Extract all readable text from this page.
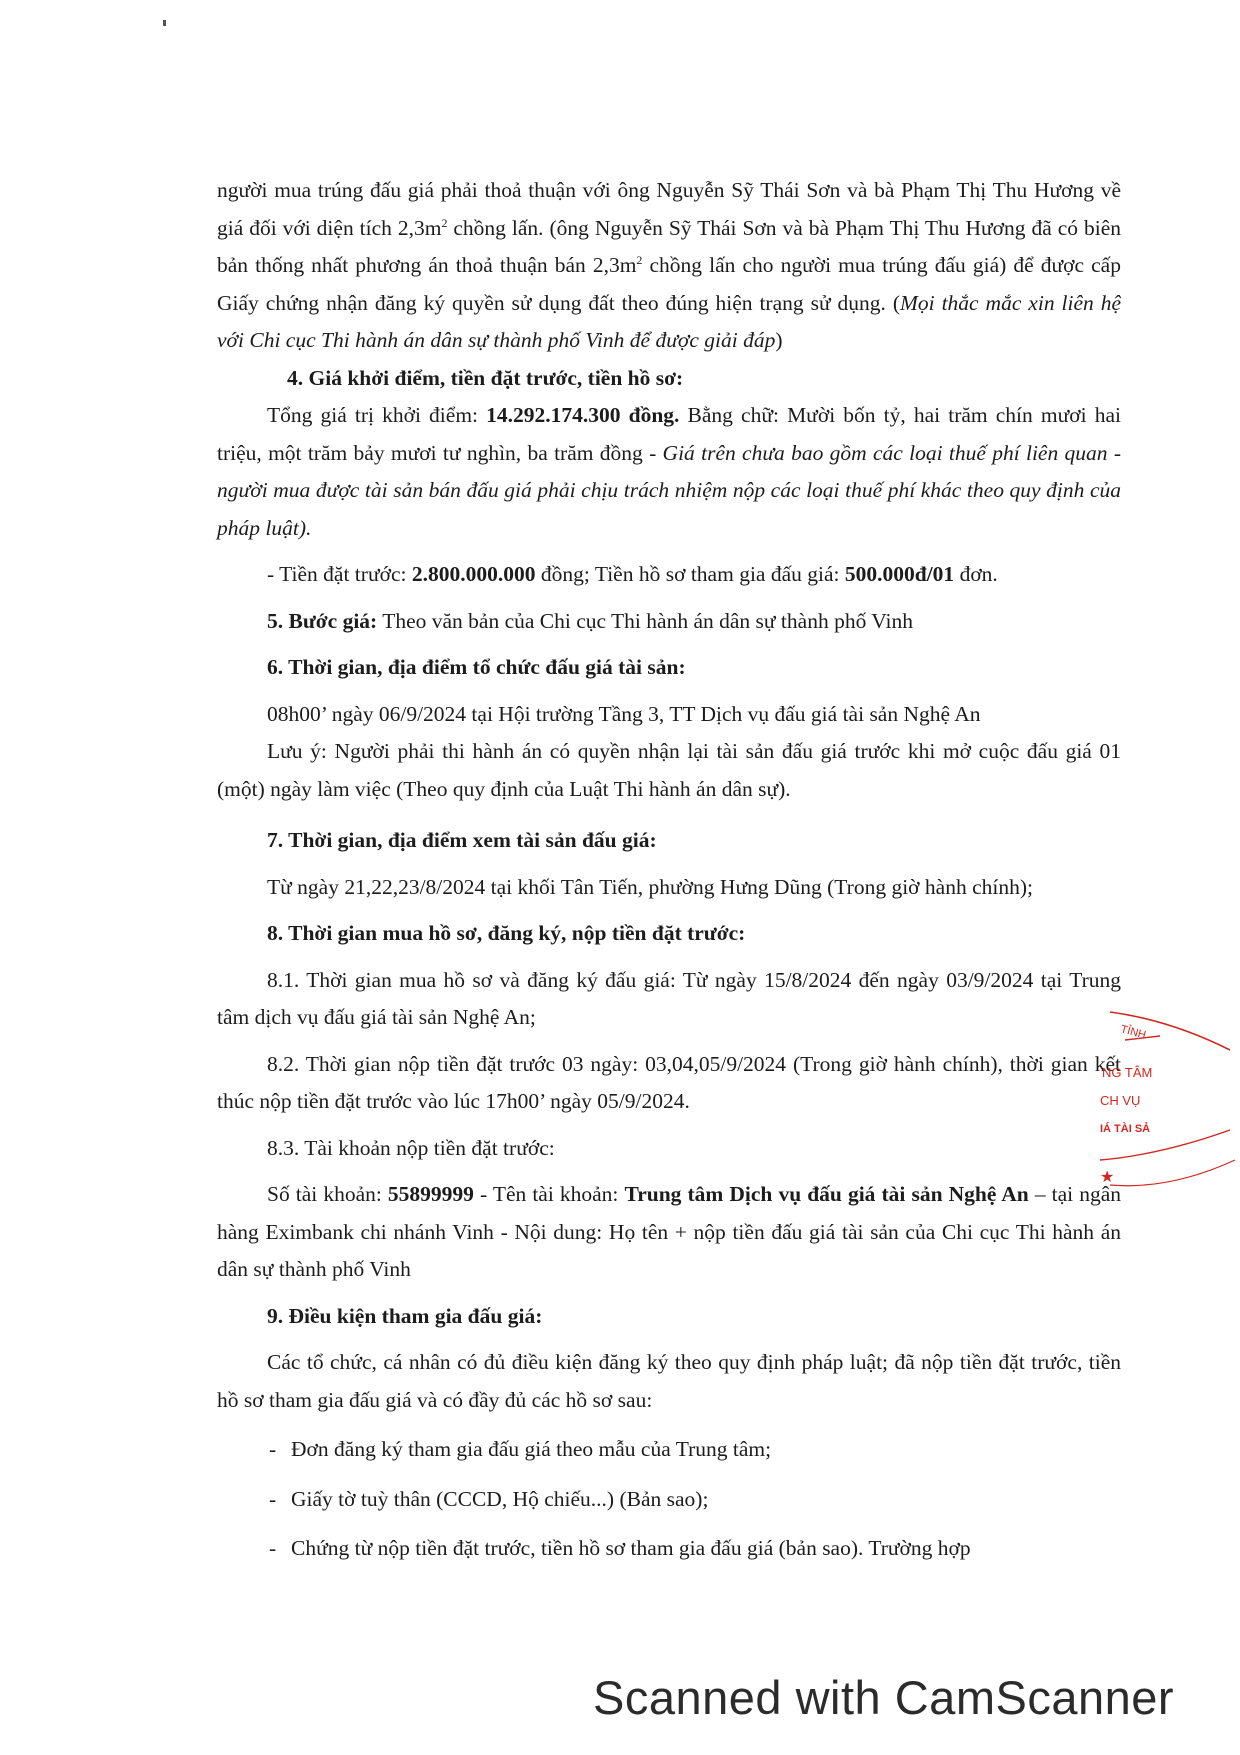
người mua trúng đấu giá phải thoả thuận với ông Nguyễn Sỹ Thái Sơn và bà Phạm Thị Thu Hương về giá đối với diện tích $2,3m^2$ chồng lấn. (ông Nguyễn Sỹ Thái Sơn và bà Phạm Thị Thu Hương đã có biên bản thống nhất phương án thoả thuận bán $2,3m^2$ chồng lấn cho người mua trúng đấu giá) để được cấp Giấy chứng nhận đăng ký quyền sử dụng đất theo đúng hiện trạng sử dụng. (Mọi thắc mắc xin liên hệ với Chi cục Thi hành án dân sự thành phố Vinh để được giải đáp)

4. Giá khởi điểm, tiền đặt trước, tiền hồ sơ:

Tổng giá trị khởi điểm: 14.292.174.300 đồng. Bằng chữ: Mười bốn tỷ, hai trăm chín mươi hai triệu, một trăm bảy mươi tư nghìn, ba trăm đồng - Giá trên chưa bao gồm các loại thuế phí liên quan - người mua được tài sản bán đấu giá phải chịu trách nhiệm nộp các loại thuế phí khác theo quy định của pháp luật).

- Tiền đặt trước: 2.800.000.000 đồng; Tiền hồ sơ tham gia đấu giá: 500.000đ/01 đơn.

5. Bước giá: Theo văn bản của Chi cục Thi hành án dân sự thành phố Vinh

6. Thời gian, địa điểm tổ chức đấu giá tài sản:

08h00’ ngày 06/9/2024 tại Hội trường Tầng 3, TT Dịch vụ đấu giá tài sản Nghệ An

Lưu ý: Người phải thi hành án có quyền nhận lại tài sản đấu giá trước khi mở cuộc đấu giá 01 (một) ngày làm việc (Theo quy định của Luật Thi hành án dân sự).

7. Thời gian, địa điểm xem tài sản đấu giá:

Từ ngày 21,22,23/8/2024 tại khối Tân Tiến, phường Hưng Dũng (Trong giờ hành chính);

8. Thời gian mua hồ sơ, đăng ký, nộp tiền đặt trước:

8.1. Thời gian mua hồ sơ và đăng ký đấu giá: Từ ngày 15/8/2024 đến ngày 03/9/2024 tại Trung tâm dịch vụ đấu giá tài sản Nghệ An;

8.2. Thời gian nộp tiền đặt trước 03 ngày: 03,04,05/9/2024 (Trong giờ hành chính), thời gian kết thúc nộp tiền đặt trước vào lúc 17h00’ ngày 05/9/2024.

8.3. Tài khoản nộp tiền đặt trước:

Số tài khoản: 55899999 - Tên tài khoản: Trung tâm Dịch vụ đấu giá tài sản Nghệ An – tại ngân hàng Eximbank chi nhánh Vinh - Nội dung: Họ tên + nộp tiền đấu giá tài sản của Chi cục Thi hành án dân sự thành phố Vinh

9. Điều kiện tham gia đấu giá:

Các tổ chức, cá nhân có đủ điều kiện đăng ký theo quy định pháp luật; đã nộp tiền đặt trước, tiền hồ sơ tham gia đấu giá và có đầy đủ các hồ sơ sau:

- Đơn đăng ký tham gia đấu giá theo mẫu của Trung tâm;

- Giấy tờ tuỳ thân (CCCD, Hộ chiếu...) (Bản sao);

- Chứng từ nộp tiền đặt trước, tiền hồ sơ tham gia đấu giá (bản sao). Trường hợp

TỈNH
NG TÂM
CH VỤ
IÁ TÀI SẢ
★
Scanned with CamScanner
